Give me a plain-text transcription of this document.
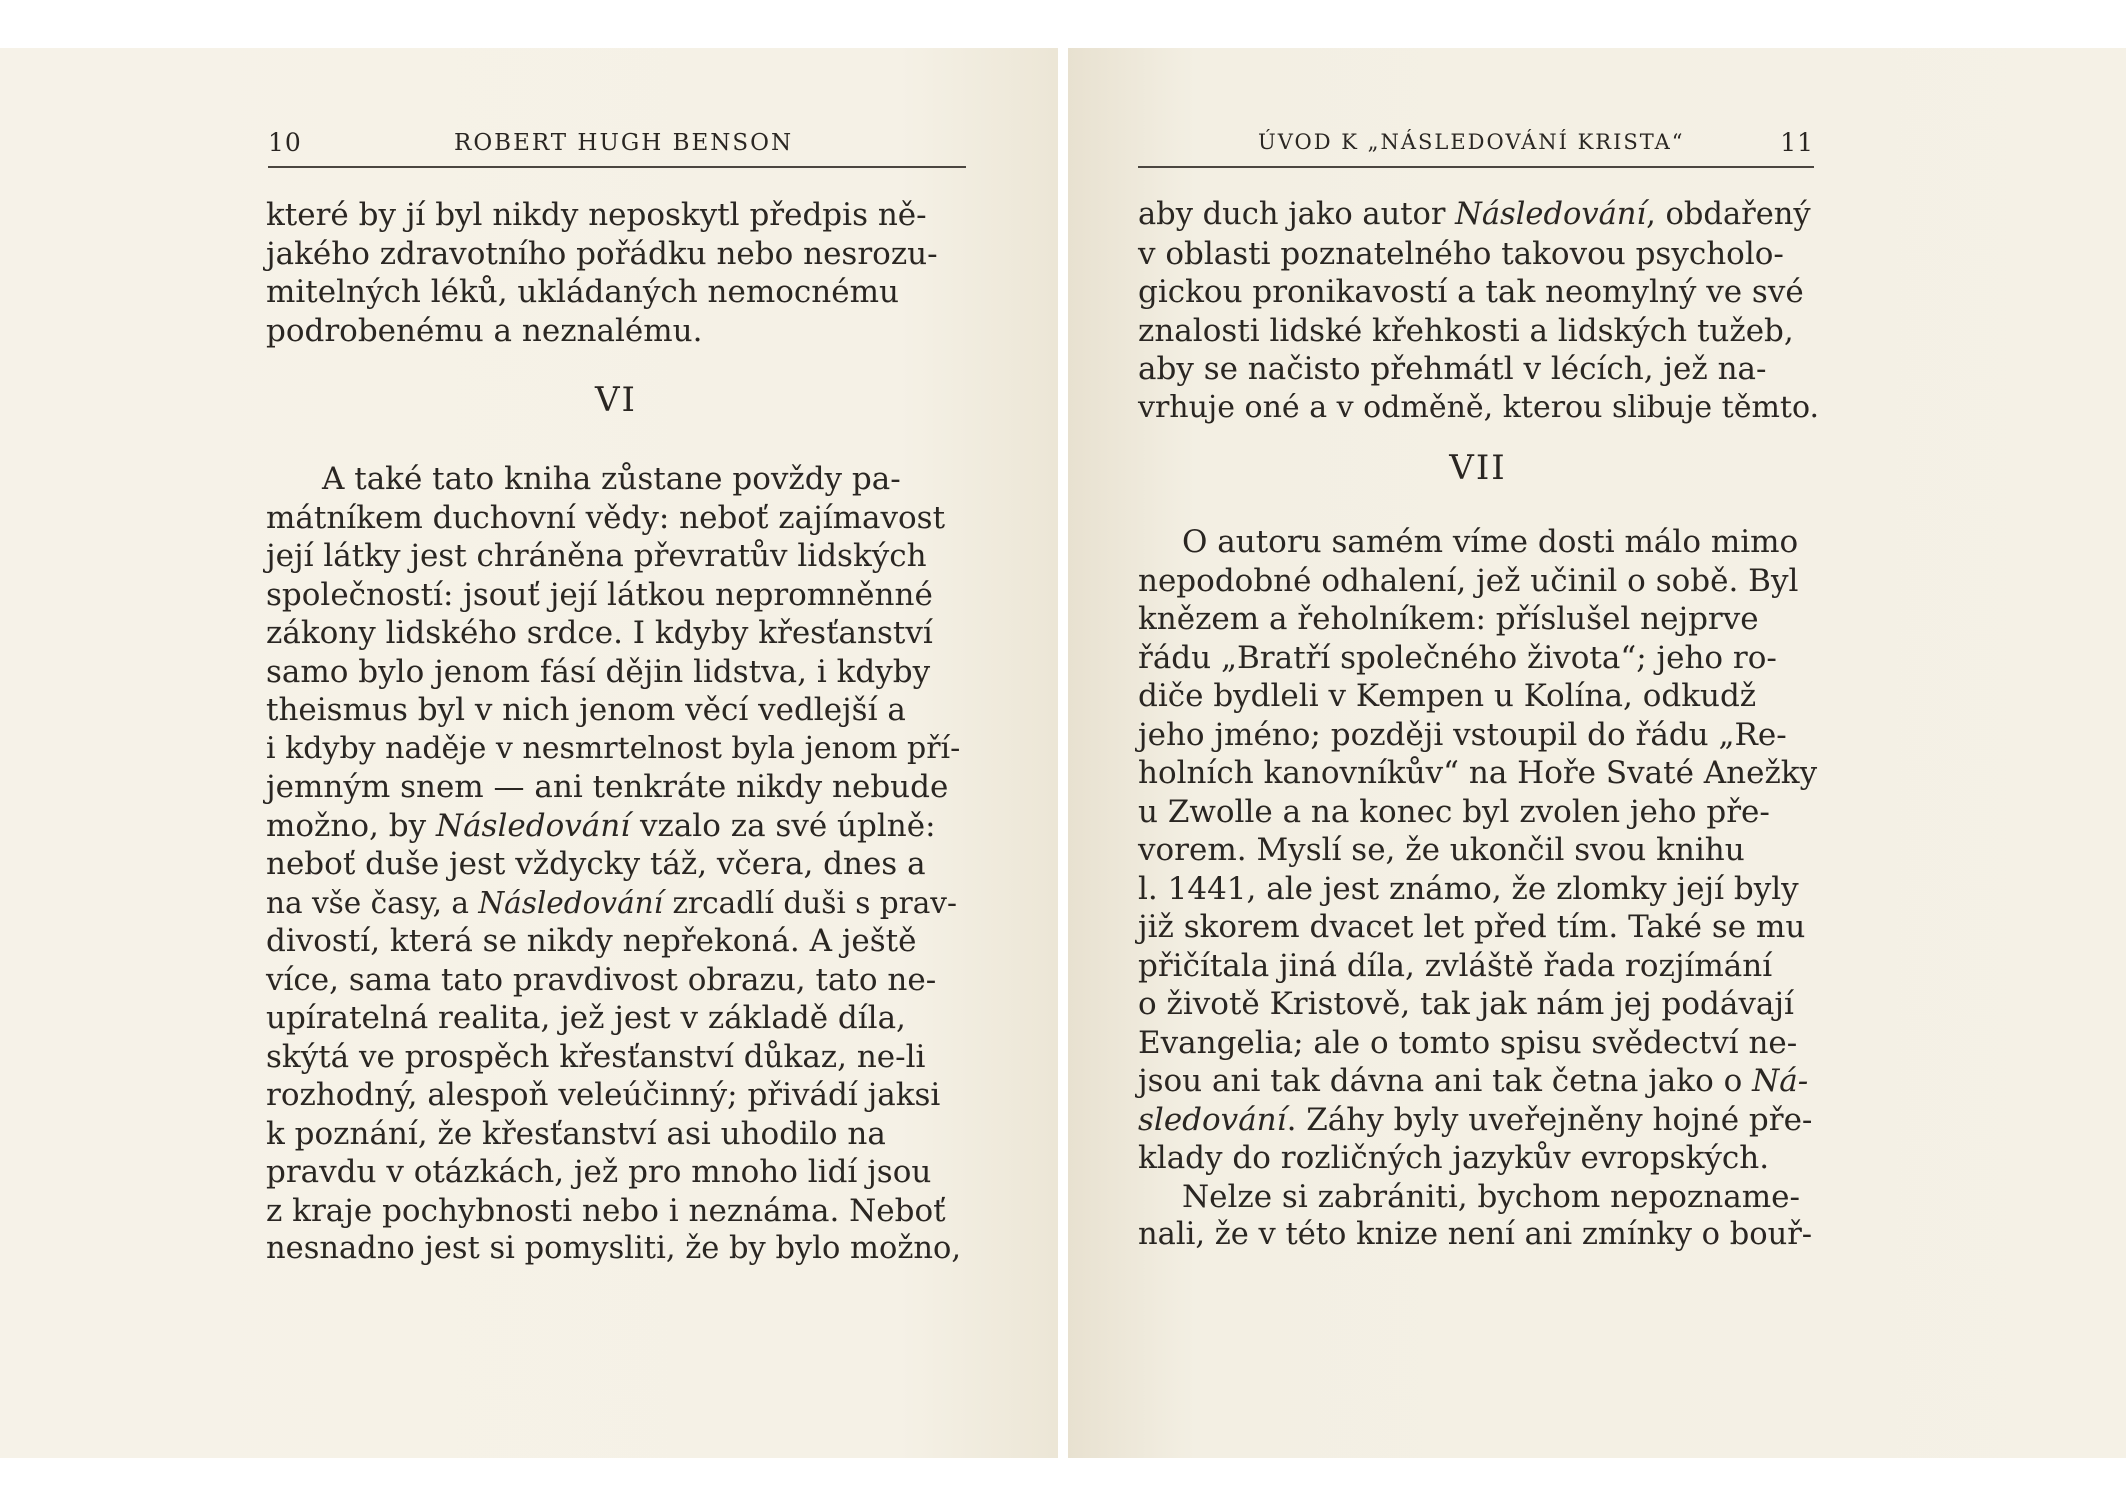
10	ROBERT HUGH BENSON
které by jí byl nikdy neposkytl předpis ně-
jakého zdravotního pořádku nebo nesrozu-
mitelných léků, ukládaných nemocnému
podrobenému a neznalému.
VI
A také tato kniha zůstane povždy pa-
mátníkem duchovní vědy: neboť zajímavost
její látky jest chráněna převratův lidských
společností: jsouť její látkou nepromněnné
zákony lidského srdce. I kdyby křesťanství
samo bylo jenom fásí dějin lidstva, i kdyby
theismus byl v nich jenom věcí vedlejší a
i kdyby naděje v nesmrtelnost byla jenom pří-
jemným snem — ani tenkráte nikdy nebude
možno, by Následování vzalo za své úplně:
neboť duše jest vždycky táž, včera, dnes a
na vše časy, a Následování zrcadlí duši s prav-
divostí, která se nikdy nepřekoná. A ještě
více, sama tato pravdivost obrazu, tato ne-
upíratelná realita, jež jest v základě díla,
skýtá ve prospěch křesťanství důkaz, ne-li
rozhodný, alespoň veleúčinný; přivádí jaksi
k poznání, že křesťanství asi uhodilo na
pravdu v otázkách, jež pro mnoho lidí jsou
z kraje pochybnosti nebo i neznáma. Neboť
nesnadno jest si pomysliti, že by bylo možno,
ÚVOD K „NÁSLEDOVÁNÍ KRISTA“	11
aby duch jako autor Následování, obdařený
v oblasti poznatelného takovou psycholo-
gickou pronikavostí a tak neomylný ve své
znalosti lidské křehkosti a lidských tužeb,
aby se načisto přehmátl v lécích, jež na-
vrhuje oné a v odměně, kterou slibuje těmto.
VII
O autoru samém víme dosti málo mimo
nepodobné odhalení, jež učinil o sobě. Byl
knězem a řeholníkem: příslušel nejprve
řádu „Bratří společného života“; jeho ro-
diče bydleli v Kempen u Kolína, odkudž
jeho jméno; později vstoupil do řádu „Re-
holních kanovníkův“ na Hoře Svaté Anežky
u Zwolle a na konec byl zvolen jeho pře-
vorem. Myslí se, že ukončil svou knihu
l. 1441, ale jest známo, že zlomky její byly
již skorem dvacet let před tím. Také se mu
přičítala jiná díla, zvláště řada rozjímání
o životě Kristově, tak jak nám jej podávají
Evangelia; ale o tomto spisu svědectví ne-
jsou ani tak dávna ani tak četna jako o Ná-
sledování. Záhy byly uveřejněny hojné pře-
klady do rozličných jazykův evropských.
Nelze si zabrániti, bychom nepozname-
nali, že v této knize není ani zmínky o bouř-
